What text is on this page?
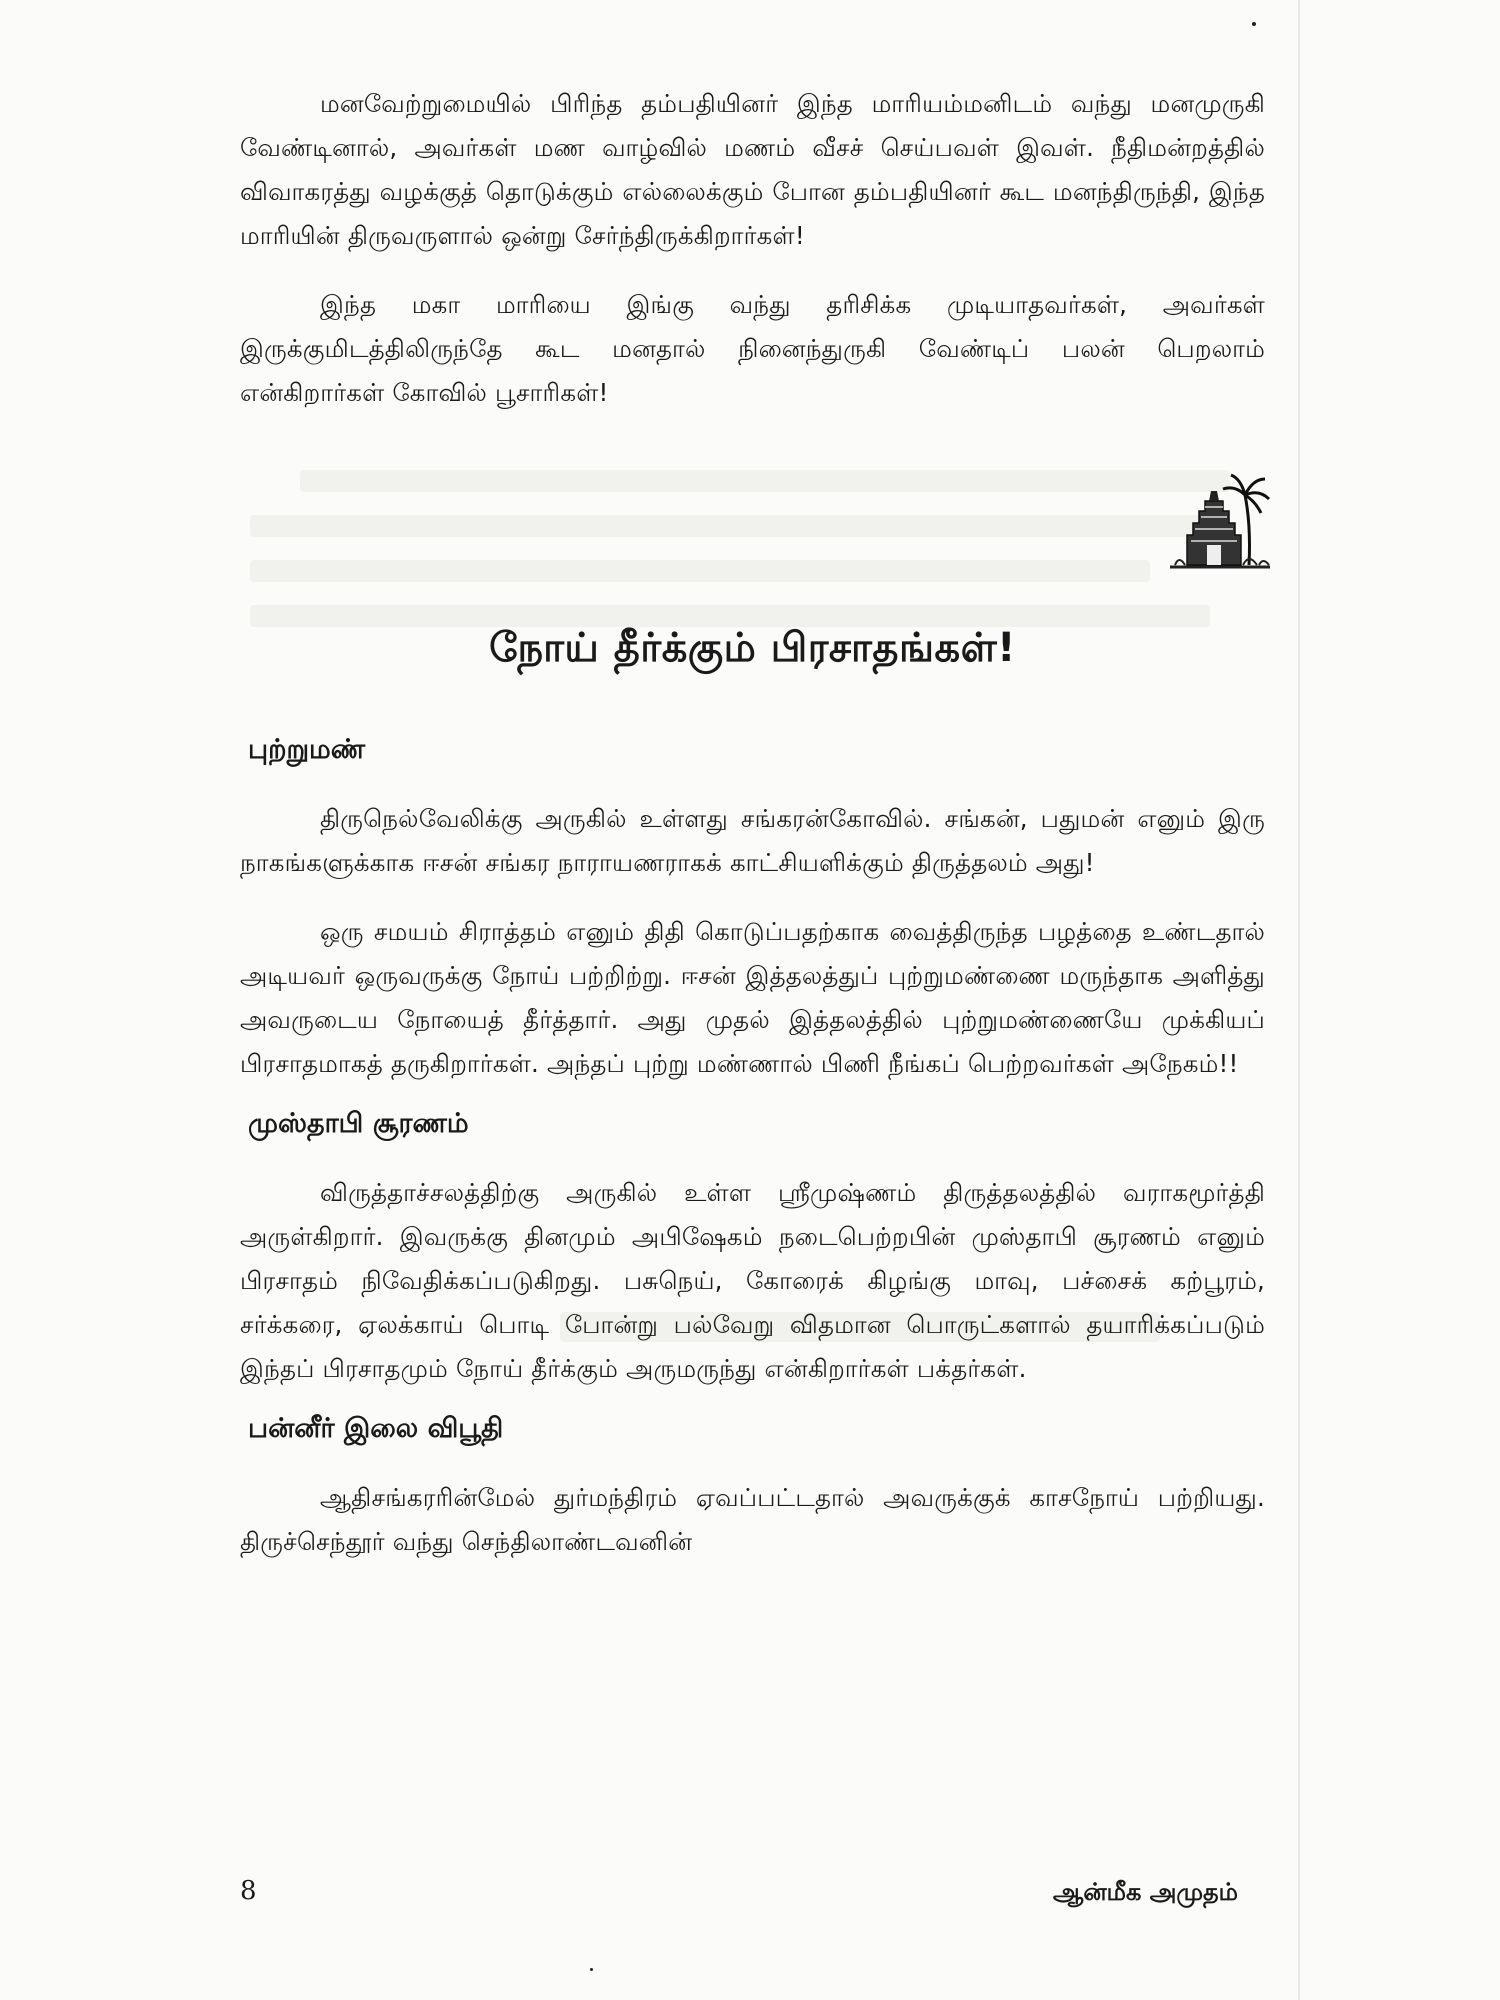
மனவேற்றுமையில் பிரிந்த தம்பதியினர் இந்த மாரியம்மனிடம் வந்து மனமுருகி வேண்டினால், அவர்கள் மண வாழ்வில் மணம் வீசச் செய்பவள் இவள். நீதிமன்றத்தில் விவாகரத்து வழக்குத் தொடுக்கும் எல்லைக்கும் போன தம்பதியினர் கூட மனந்திருந்தி, இந்த மாரியின் திருவருளால் ஒன்று சேர்ந்திருக்கிறார்கள்!

இந்த மகா மாரியை இங்கு வந்து தரிசிக்க முடியாதவர்கள், அவர்கள் இருக்குமிடத்திலிருந்தே கூட மனதால் நினைந்துருகி வேண்டிப் பலன் பெறலாம் என்கிறார்கள் கோவில் பூசாரிகள்!

நோய் தீர்க்கும் பிரசாதங்கள்!
புற்றுமண்

திருநெல்வேலிக்கு அருகில் உள்ளது சங்கரன்கோவில். சங்கன், பதுமன் எனும் இரு நாகங்களுக்காக ஈசன் சங்கர நாராயணராகக் காட்சியளிக்கும் திருத்தலம் அது!

ஒரு சமயம் சிராத்தம் எனும் திதி கொடுப்பதற்காக வைத்திருந்த பழத்தை உண்டதால் அடியவர் ஒருவருக்கு நோய் பற்றிற்று. ஈசன் இத்தலத்துப் புற்றுமண்ணை மருந்தாக அளித்து அவருடைய நோயைத் தீர்த்தார். அது முதல் இத்தலத்தில் புற்றுமண்ணையே முக்கியப் பிரசாதமாகத் தருகிறார்கள். அந்தப் புற்று மண்ணால் பிணி நீங்கப் பெற்றவர்கள் அநேகம்!!

முஸ்தாபி சூரணம்

விருத்தாச்சலத்திற்கு அருகில் உள்ள ஸ்ரீமுஷ்ணம் திருத்தலத்தில் வராகமூர்த்தி அருள்கிறார். இவருக்கு தினமும் அபிஷேகம் நடைபெற்றபின் முஸ்தாபி சூரணம் எனும் பிரசாதம் நிவேதிக்கப்படுகிறது. பசுநெய், கோரைக் கிழங்கு மாவு, பச்சைக் கற்பூரம், சர்க்கரை, ஏலக்காய் பொடி போன்று பல்வேறு விதமான பொருட்களால் தயாரிக்கப்படும் இந்தப் பிரசாதமும் நோய் தீர்க்கும் அருமருந்து என்கிறார்கள் பக்தர்கள்.

பன்னீர் இலை விபூதி

ஆதிசங்கரரின்மேல் துர்மந்திரம் ஏவப்பட்டதால் அவருக்குக் காசநோய் பற்றியது. திருச்செந்தூர் வந்து செந்திலாண்டவனின்

8	ஆன்மீக அமுதம்
